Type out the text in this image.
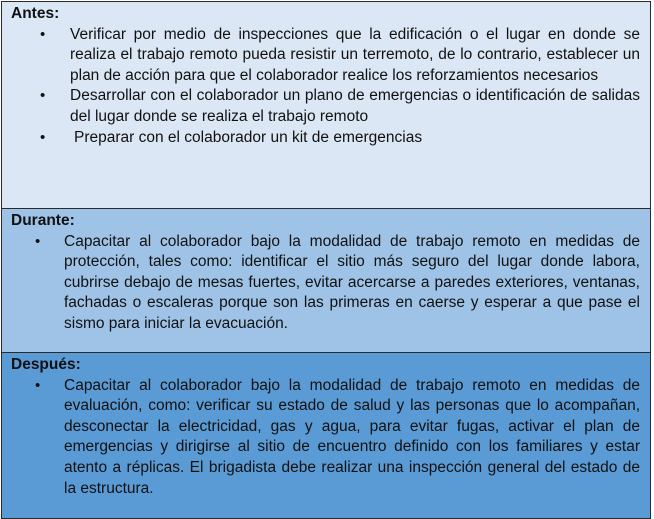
Antes:

• Verificar por medio de inspecciones que la edificación o el lugar en donde se realiza el trabajo remoto pueda resistir un terremoto, de lo contrario, establecer un plan de acción para que el colaborador realice los reforzamientos necesarios
• Desarrollar con el colaborador un plano de emergencias o identificación de salidas del lugar donde se realiza el trabajo remoto
• Preparar con el colaborador un kit de emergencias

Durante:

• Capacitar al colaborador bajo la modalidad de trabajo remoto en medidas de protección, tales como: identificar el sitio más seguro del lugar donde labora, cubrirse debajo de mesas fuertes, evitar acercarse a paredes exteriores, ventanas, fachadas o escaleras porque son las primeras en caerse y esperar a que pase el sismo para iniciar la evacuación.

Después:

• Capacitar al colaborador bajo la modalidad de trabajo remoto en medidas de evaluación, como: verificar su estado de salud y las personas que lo acompañan, desconectar la electricidad, gas y agua, para evitar fugas, activar el plan de emergencias y dirigirse al sitio de encuentro definido con los familiares y estar atento a réplicas. El brigadista debe realizar una inspección general del estado de la estructura.
